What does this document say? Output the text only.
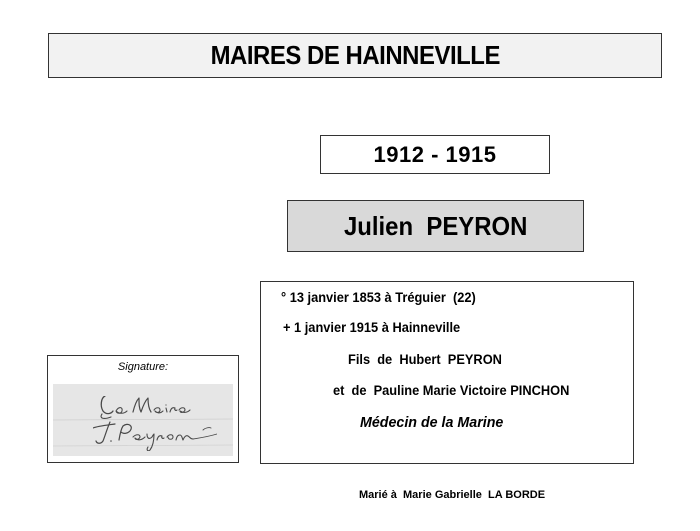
MAIRES DE HAINNEVILLE
1912 - 1915
Julien  PEYRON
° 13 janvier 1853 à Tréguier  (22)
+ 1 janvier 1915 à Hainneville
Fils  de  Hubert  PEYRON
et  de  Pauline Marie Victoire PINCHON
Médecin de la Marine
Signature:
Marié à  Marie Gabrielle  LA BORDE
